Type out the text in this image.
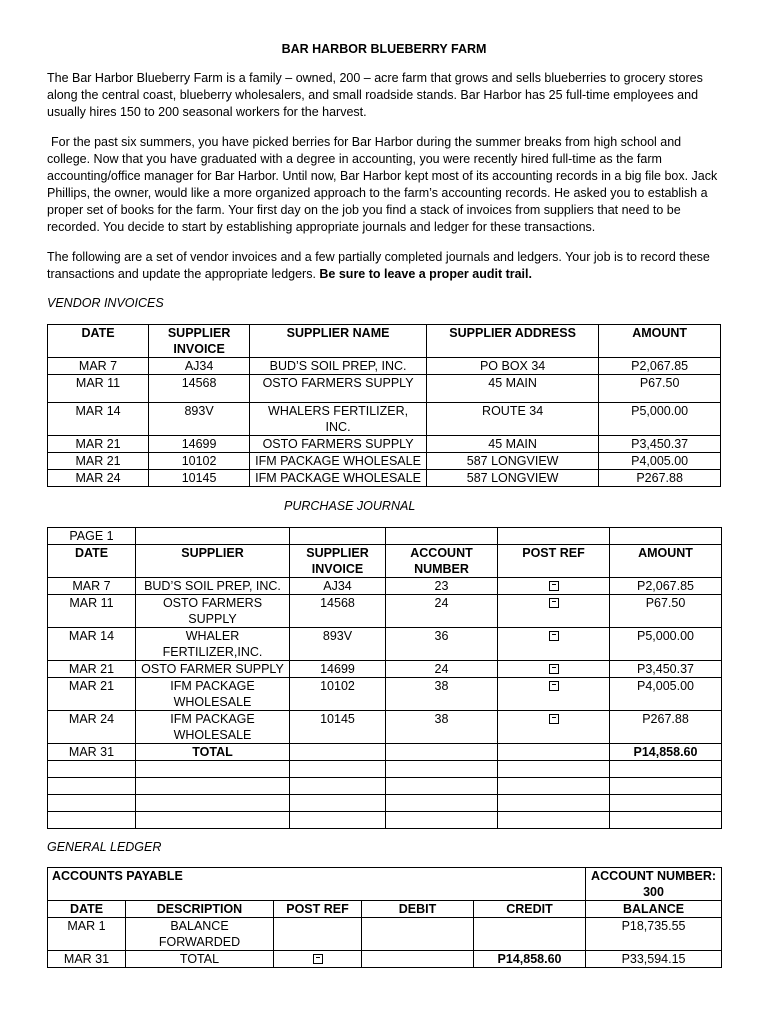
BAR HARBOR BLUEBERRY FARM

The Bar Harbor Blueberry Farm is a family – owned, 200 – acre farm that grows and sells blueberries to grocery stores along the central coast, blueberry wholesalers, and small roadside stands. Bar Harbor has 25 full-time employees and usually hires 150 to 200 seasonal workers for the harvest.

For the past six summers, you have picked berries for Bar Harbor during the summer breaks from high school and college. Now that you have graduated with a degree in accounting, you were recently hired full-time as the farm accounting/office manager for Bar Harbor. Until now, Bar Harbor kept most of its accounting records in a big file box. Jack Phillips, the owner, would like a more organized approach to the farm’s accounting records. He asked you to establish a proper set of books for the farm. Your first day on the job you find a stack of invoices from suppliers that need to be recorded. You decide to start by establishing appropriate journals and ledger for these transactions.

The following are a set of vendor invoices and a few partially completed journals and ledgers. Your job is to record these transactions and update the appropriate ledgers. Be sure to leave a proper audit trail.

VENDOR INVOICES
DATE	SUPPLIER INVOICE	SUPPLIER NAME	SUPPLIER ADDRESS	AMOUNT
MAR 7	AJ34	BUD’S SOIL PREP, INC.	PO BOX 34	P2,067.85
MAR 11	14568	OSTO FARMERS SUPPLY	45 MAIN	P67.50
MAR 14	893V	WHALERS FERTILIZER, INC.	ROUTE 34	P5,000.00
MAR 21	14699	OSTO FARMERS SUPPLY	45 MAIN	P3,450.37
MAR 21	10102	IFM PACKAGE WHOLESALE	587 LONGVIEW	P4,005.00
MAR 24	10145	IFM PACKAGE WHOLESALE	587 LONGVIEW	P267.88
PURCHASE JOURNAL
PAGE 1					
DATE	SUPPLIER	SUPPLIER INVOICE	ACCOUNT NUMBER	POST REF	AMOUNT
MAR 7	BUD’S SOIL PREP, INC.	AJ34	23		P2,067.85
MAR 11	OSTO FARMERS SUPPLY	14568	24		P67.50
MAR 14	WHALER FERTILIZER,INC.	893V	36		P5,000.00
MAR 21	OSTO FARMER SUPPLY	14699	24		P3,450.37
MAR 21	IFM PACKAGE WHOLESALE	10102	38		P4,005.00
MAR 24	IFM PACKAGE WHOLESALE	10145	38		P267.88
MAR 31	TOTAL				P14,858.60

GENERAL LEDGER
ACCOUNTS PAYABLE					ACCOUNT NUMBER: 300
DATE	DESCRIPTION	POST REF	DEBIT	CREDIT	BALANCE
MAR 1	BALANCE FORWARDED				P18,735.55
MAR 31	TOTAL			P14,858.60	P33,594.15
